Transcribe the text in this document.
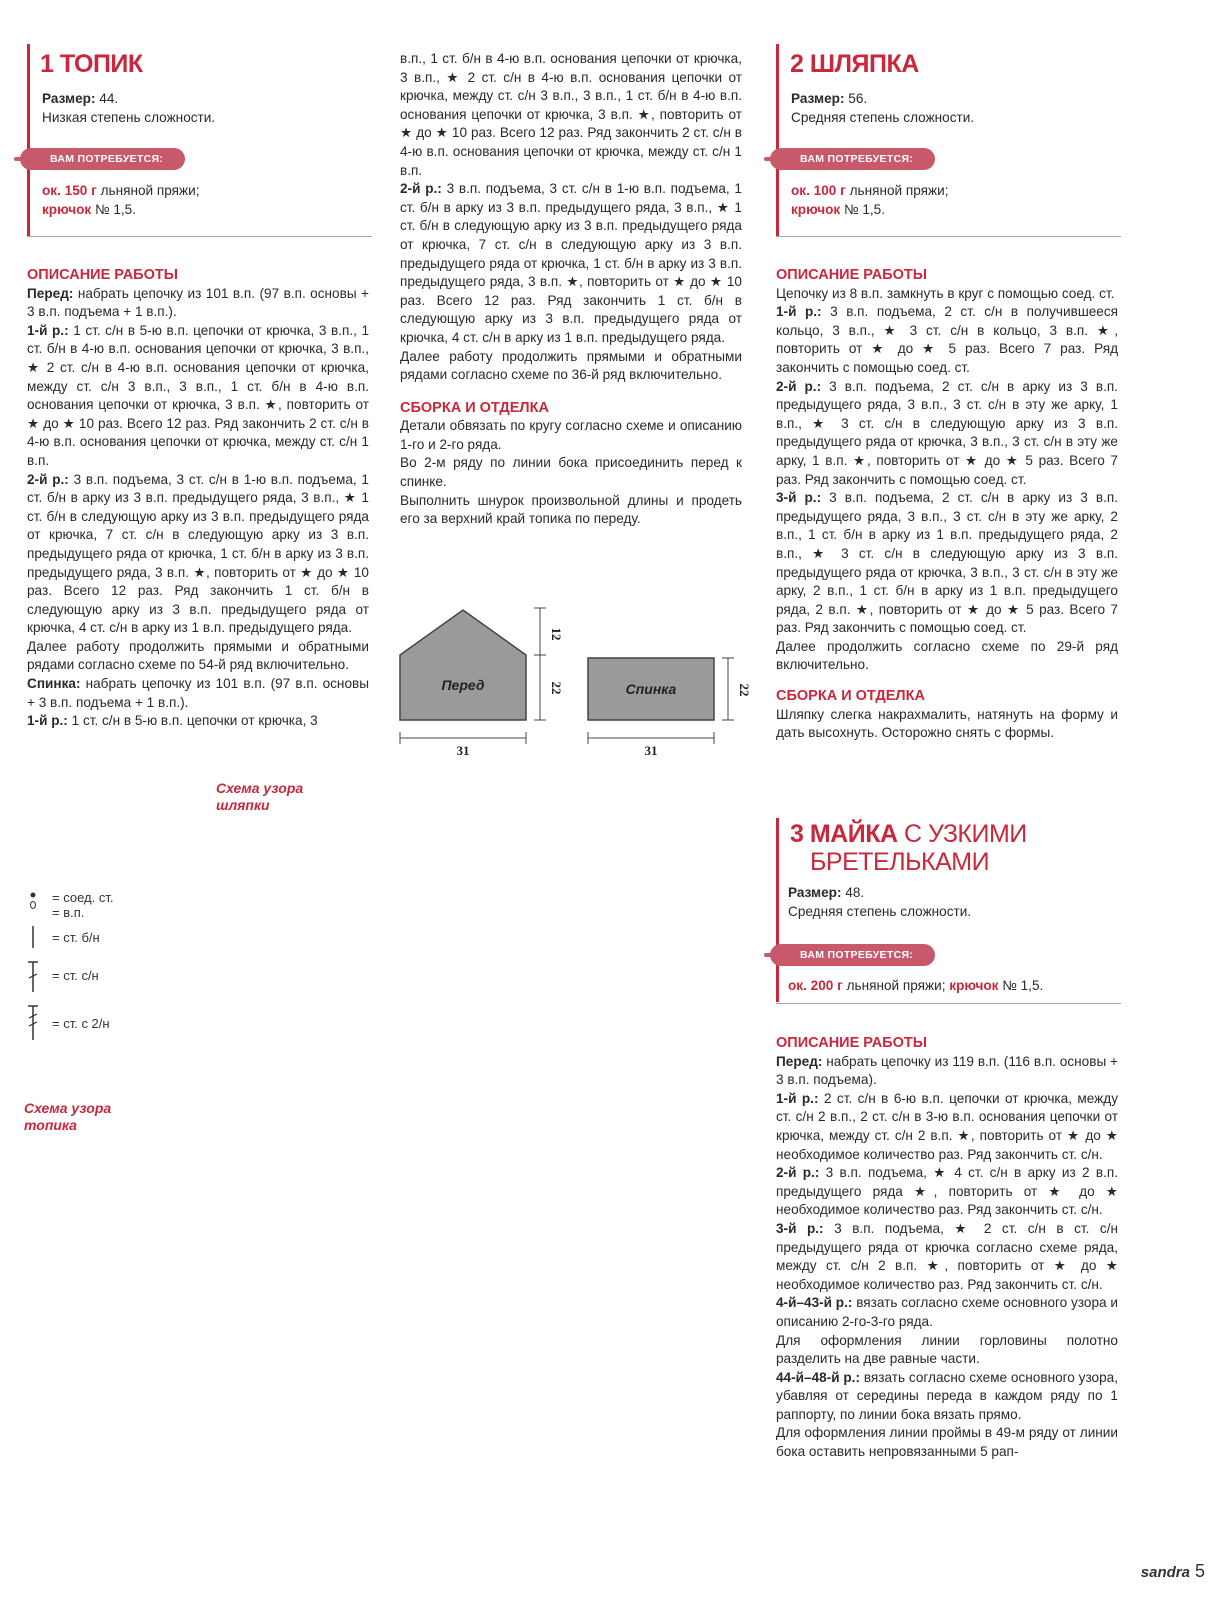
1 ТОПИК

Размер: 44.

Низкая степень сложности.

ВАМ ПОТРЕБУЕТСЯ:

ок. 150 г льняной пряжи;

крючок № 1,5.

ОПИСАНИЕ РАБОТЫ

Перед: набрать цепочку из 101 в.п. (97 в.п. основы + 3 в.п. подъема + 1 в.п.).

1-й р.: 1 ст. с/н в 5-ю в.п. цепочки от крючка, 3 в.п., 1 ст. б/н в 4-ю в.п. основания цепочки от крючка, 3 в.п., ★ 2 ст. с/н в 4-ю в.п. основания цепочки от крючка, между ст. с/н 3 в.п., 3 в.п., 1 ст. б/н в 4-ю в.п. основания цепочки от крючка, 3 в.п. ★, повторить от ★ до ★ 10 раз. Всего 12 раз. Ряд закончить 2 ст. с/н в 4-ю в.п. основания цепочки от крючка, между ст. с/н 1 в.п.

2-й р.: 3 в.п. подъема, 3 ст. с/н в 1-ю в.п. подъема, 1 ст. б/н в арку из 3 в.п. предыдущего ряда, 3 в.п., ★ 1 ст. б/н в следующую арку из 3 в.п. предыдущего ряда от крючка, 7 ст. с/н в следующую арку из 3 в.п. предыдущего ряда от крючка, 1 ст. б/н в арку из 3 в.п. предыдущего ряда, 3 в.п. ★, повторить от ★ до ★ 10 раз. Всего 12 раз. Ряд закончить 1 ст. б/н в следующую арку из 3 в.п. предыдущего ряда от крючка, 4 ст. с/н в арку из 1 в.п. предыдущего ряда.

Далее работу продолжить прямыми и обратными рядами согласно схеме по 54-й ряд включительно.

Спинка: набрать цепочку из 101 в.п. (97 в.п. основы + 3 в.п. подъема + 1 в.п.).

1-й р.: 1 ст. с/н в 5-ю в.п. цепочки от крючка, 3

в.п., 1 ст. б/н в 4-ю в.п. основания цепочки от крючка, 3 в.п., ★ 2 ст. с/н в 4-ю в.п. основания цепочки от крючка, между ст. с/н 3 в.п., 3 в.п., 1 ст. б/н в 4-ю в.п. основания цепочки от крючка, 3 в.п. ★, повторить от ★ до ★ 10 раз. Всего 12 раз. Ряд закончить 2 ст. с/н в 4-ю в.п. основания цепочки от крючка, между ст. с/н 1 в.п.

2-й р.: 3 в.п. подъема, 3 ст. с/н в 1-ю в.п. подъема, 1 ст. б/н в арку из 3 в.п. предыдущего ряда, 3 в.п., ★ 1 ст. б/н в следующую арку из 3 в.п. предыдущего ряда от крючка, 7 ст. с/н в следующую арку из 3 в.п. предыдущего ряда от крючка, 1 ст. б/н в арку из 3 в.п. предыдущего ряда, 3 в.п. ★, повторить от ★ до ★ 10 раз. Всего 12 раз. Ряд закончить 1 ст. б/н в следующую арку из 3 в.п. предыдущего ряда от крючка, 4 ст. с/н в арку из 1 в.п. предыдущего ряда.

Далее работу продолжить прямыми и обратными рядами согласно схеме по 36-й ряд включительно.

СБОРКА И ОТДЕЛКА

Детали обвязать по кругу согласно схеме и описанию 1-го и 2-го ряда.

Во 2-м ряду по линии бока присоединить перед к спинке.

Выполнить шнурок произвольной длины и продеть его за верхний край топика по переду.

Перед	Спинка
12
22	22
31	31
2 ШЛЯПКА

Размер: 56.

Средняя степень сложности.

ВАМ ПОТРЕБУЕТСЯ:

ок. 100 г льняной пряжи;

крючок № 1,5.

ОПИСАНИЕ РАБОТЫ

Цепочку из 8 в.п. замкнуть в круг с помощью соед. ст.

1-й р.: 3 в.п. подъема, 2 ст. с/н в получившееся кольцо, 3 в.п., ★ 3 ст. с/н в кольцо, 3 в.п. ★, повторить от ★ до ★ 5 раз. Всего 7 раз. Ряд закончить с помощью соед. ст.

2-й р.: 3 в.п. подъема, 2 ст. с/н в арку из 3 в.п. предыдущего ряда, 3 в.п., 3 ст. с/н в эту же арку, 1 в.п., ★ 3 ст. с/н в следующую арку из 3 в.п. предыдущего ряда от крючка, 3 в.п., 3 ст. с/н в эту же арку, 1 в.п. ★, повторить от ★ до ★ 5 раз. Всего 7 раз. Ряд закончить с помощью соед. ст.

3-й р.: 3 в.п. подъема, 2 ст. с/н в арку из 3 в.п. предыдущего ряда, 3 в.п., 3 ст. с/н в эту же арку, 2 в.п., 1 ст. б/н в арку из 1 в.п. предыдущего ряда, 2 в.п., ★ 3 ст. с/н в следующую арку из 3 в.п. предыдущего ряда от крючка, 3 в.п., 3 ст. с/н в эту же арку, 2 в.п., 1 ст. б/н в арку из 1 в.п. предыдущего ряда, 2 в.п. ★, повторить от ★ до ★ 5 раз. Всего 7 раз. Ряд закончить с помощью соед. ст.

Далее продолжить согласно схеме по 29-й ряд включительно.

СБОРКА И ОТДЕЛКА

Шляпку слегка накрахмалить, натянуть на форму и дать высохнуть. Осторожно снять с формы.

3 МАЙКА С УЗКИМИ
БРЕТЕЛЬКАМИ

Размер: 48.

Средняя степень сложности.

ВАМ ПОТРЕБУЕТСЯ:

ок. 200 г льняной пряжи; крючок № 1,5.

ОПИСАНИЕ РАБОТЫ

Перед: набрать цепочку из 119 в.п. (116 в.п. основы + 3 в.п. подъема).

1-й р.: 2 ст. с/н в 6-ю в.п. цепочки от крючка, между ст. с/н 2 в.п., 2 ст. с/н в 3-ю в.п. основания цепочки от крючка, между ст. с/н 2 в.п. ★, повторить от ★ до ★ необходимое количество раз. Ряд закончить ст. с/н.

2-й р.: 3 в.п. подъема, ★ 4 ст. с/н в арку из 2 в.п. предыдущего ряда ★, повторить от ★ до ★ необходимое количество раз. Ряд закончить ст. с/н.

3-й р.: 3 в.п. подъема, ★ 2 ст. с/н в ст. с/н предыдущего ряда от крючка согласно схеме ряда, между ст. с/н 2 в.п. ★, повторить от ★ до ★ необходимое количество раз. Ряд закончить ст. с/н.

4-й–43-й р.: вязать согласно схеме основного узора и описанию 2-го-3-го ряда.

Для оформления линии горловины полотно разделить на две равные части.

44-й–48-й р.: вязать согласно схеме основного узора, убавляя от середины переда в каждом ряду по 1 раппорту, по линии бока вязать прямо.

Для оформления линии проймы в 49-м ряду от линии бока оставить непровязанными 5 рап-

Схема узора
шляпки
Схема узора
топика
= соед. ст.
= в.п.
= ст. б/н
= ст. с/н
= ст. с 2/н
sandra 5
